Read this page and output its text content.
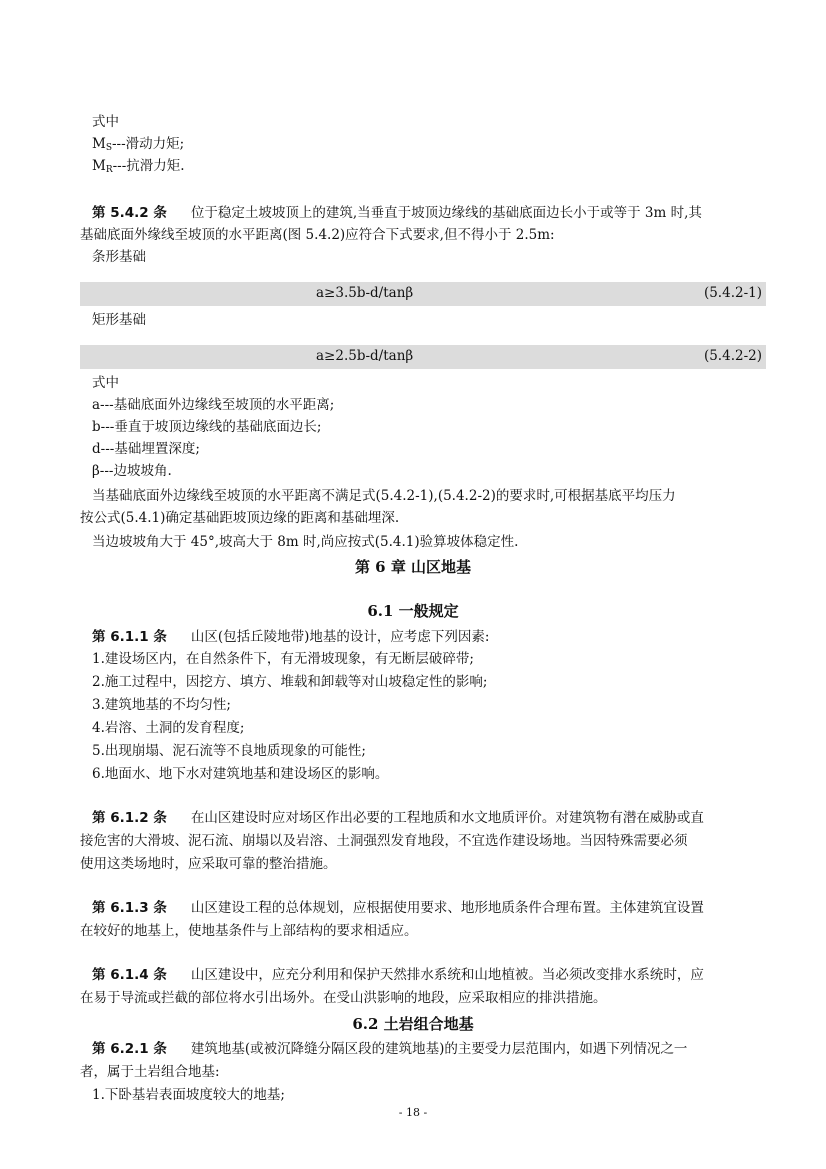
式中
$M_S---$滑动力矩;
$M_R---$抗滑力矩.
第 5.4.2 条 位于稳定土坡坡顶上的建筑,当垂直于坡顶边缘线的基础底面边长小于或等于 3m 时,其
基础底面外缘线至坡顶的水平距离(图 5.4.2)应符合下式要求,但不得小于 2.5m:
条形基础
a≥3.5b-d/tanβ	(5.4.2-1)
矩形基础
a≥2.5b-d/tanβ	(5.4.2-2)
式中
a---基础底面外边缘线至坡顶的水平距离;
b---垂直于坡顶边缘线的基础底面边长;
d---基础埋置深度;
β---边坡坡角.
当基础底面外边缘线至坡顶的水平距离不满足式(5.4.2-1),(5.4.2-2)的要求时,可根据基底平均压力
按公式(5.4.1)确定基础距坡顶边缘的距离和基础埋深.
当边坡坡角大于 45°,坡高大于 8m 时,尚应按式(5.4.1)验算坡体稳定性.
第 6 章 山区地基
6.1 一般规定
第 6.1.1 条 山区(包括丘陵地带)地基的设计，应考虑下列因素:
1.建设场区内，在自然条件下，有无滑坡现象，有无断层破碎带;
2.施工过程中，因挖方、填方、堆载和卸载等对山坡稳定性的影响;
3.建筑地基的不均匀性;
4.岩溶、土洞的发育程度;
5.出现崩塌、泥石流等不良地质现象的可能性;
6.地面水、地下水对建筑地基和建设场区的影响。
第 6.1.2 条 在山区建设时应对场区作出必要的工程地质和水文地质评价。对建筑物有潜在威胁或直
接危害的大滑坡、泥石流、崩塌以及岩溶、土洞强烈发育地段，不宜选作建设场地。当因特殊需要必须
使用这类场地时，应采取可靠的整治措施。
第 6.1.3 条 山区建设工程的总体规划，应根据使用要求、地形地质条件合理布置。主体建筑宜设置
在较好的地基上，使地基条件与上部结构的要求相适应。
第 6.1.4 条 山区建设中，应充分利用和保护天然排水系统和山地植被。当必须改变排水系统时，应
在易于导流或拦截的部位将水引出场外。在受山洪影响的地段，应采取相应的排洪措施。
6.2 土岩组合地基
第 6.2.1 条 建筑地基(或被沉降缝分隔区段的建筑地基)的主要受力层范围内，如遇下列情况之一
者，属于土岩组合地基:
1.下卧基岩表面坡度较大的地基;
- 18 -
